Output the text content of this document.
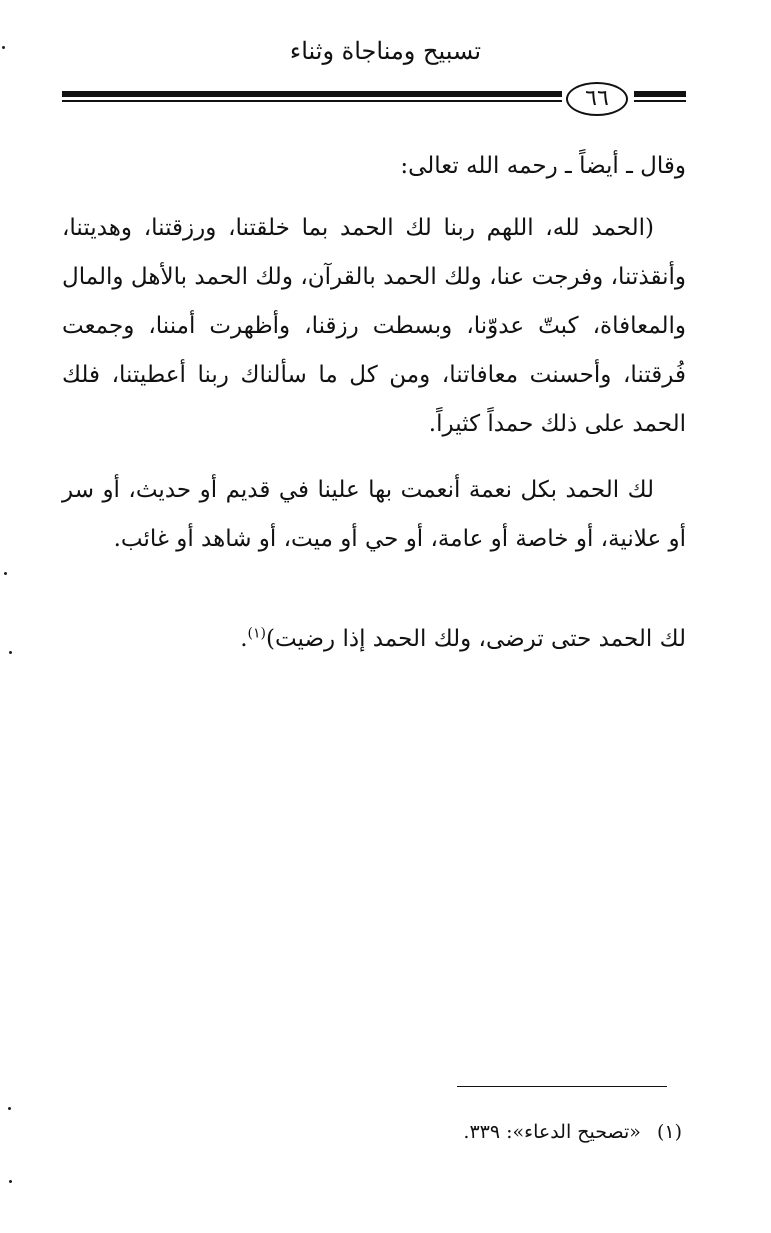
تسبيح ومناجاة وثناء
٦٦

وقال ـ أيضاً ـ رحمه الله تعالى:

(الحمد لله، اللهم ربنا لك الحمد بما خلقتنا، ورزقتنا، وهديتنا، وأنقذتنا، وفرجت عنا، ولك الحمد بالقرآن، ولك الحمد بالأهل والمال والمعافاة، كبتّ عدوّنا، وبسطت رزقنا، وأظهرت أمننا، وجمعت فُرقتنا، وأحسنت معافاتنا، ومن كل ما سألناك ربنا أعطيتنا، فلك الحمد على ذلك حمداً كثيراً.

لك الحمد بكل نعمة أنعمت بها علينا في قديم أو حديث، أو سر أو علانية، أو خاصة أو عامة، أو حي أو ميت، أو شاهد أو غائب.

لك الحمد حتى ترضى، ولك الحمد إذا رضيت)$^{(١)}$.

(١)«تصحيح الدعاء»: ٣٣٩.
